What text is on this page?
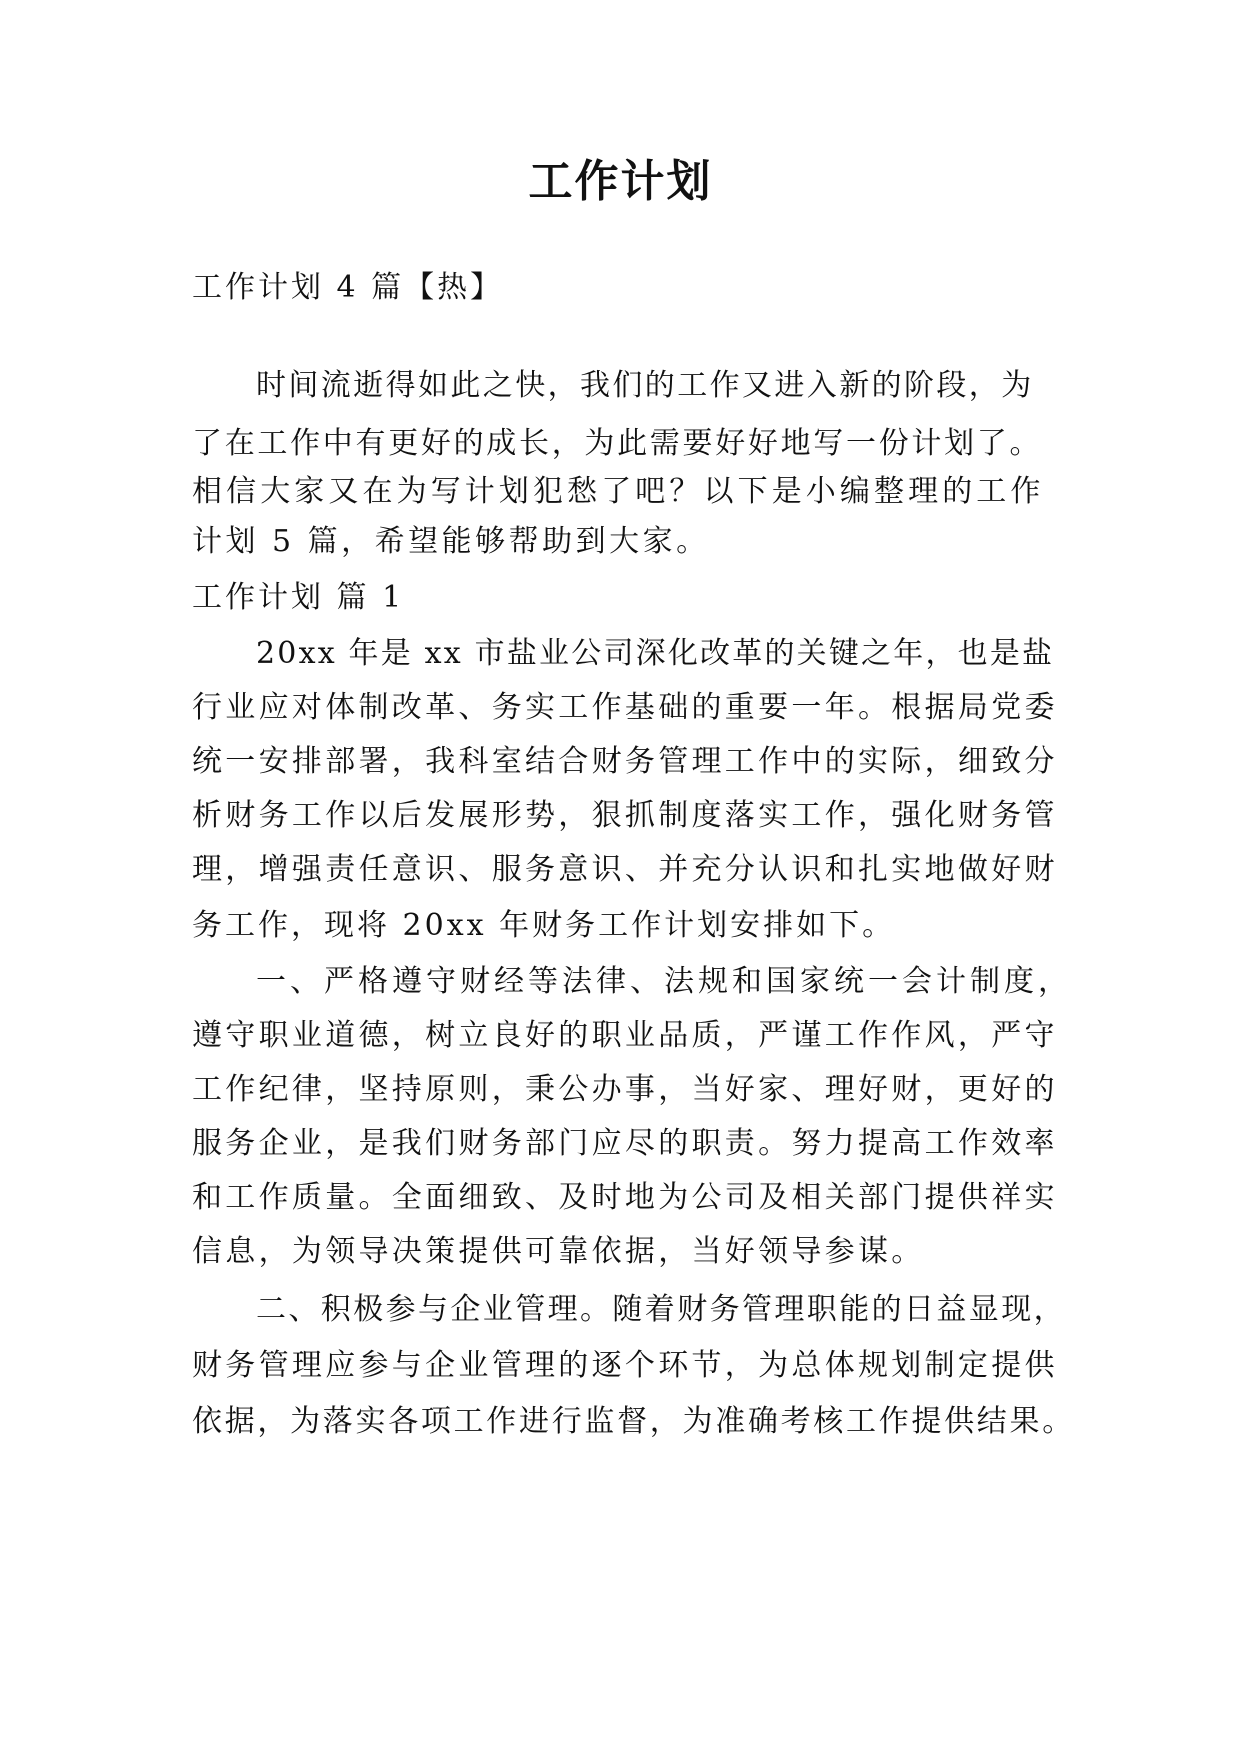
工作计划
工作计划 4 篇【热】
时间流逝得如此之快，我们的工作又进入新的阶段，为
了在工作中有更好的成长，为此需要好好地写一份计划了。
相信大家又在为写计划犯愁了吧？以下是小编整理的工作
计划 5 篇，希望能够帮助到大家。
工作计划 篇 1
20xx 年是 xx 市盐业公司深化改革的关键之年，也是盐
行业应对体制改革、务实工作基础的重要一年。根据局党委
统一安排部署，我科室结合财务管理工作中的实际，细致分
析财务工作以后发展形势，狠抓制度落实工作，强化财务管
理，增强责任意识、服务意识、并充分认识和扎实地做好财
务工作，现将 20xx 年财务工作计划安排如下。
一、严格遵守财经等法律、法规和国家统一会计制度，
遵守职业道德，树立良好的职业品质，严谨工作作风，严守
工作纪律，坚持原则，秉公办事，当好家、理好财，更好的
服务企业，是我们财务部门应尽的职责。努力提高工作效率
和工作质量。全面细致、及时地为公司及相关部门提供祥实
信息，为领导决策提供可靠依据，当好领导参谋。
二、积极参与企业管理。随着财务管理职能的日益显现，
财务管理应参与企业管理的逐个环节，为总体规划制定提供
依据，为落实各项工作进行监督，为准确考核工作提供结果。
